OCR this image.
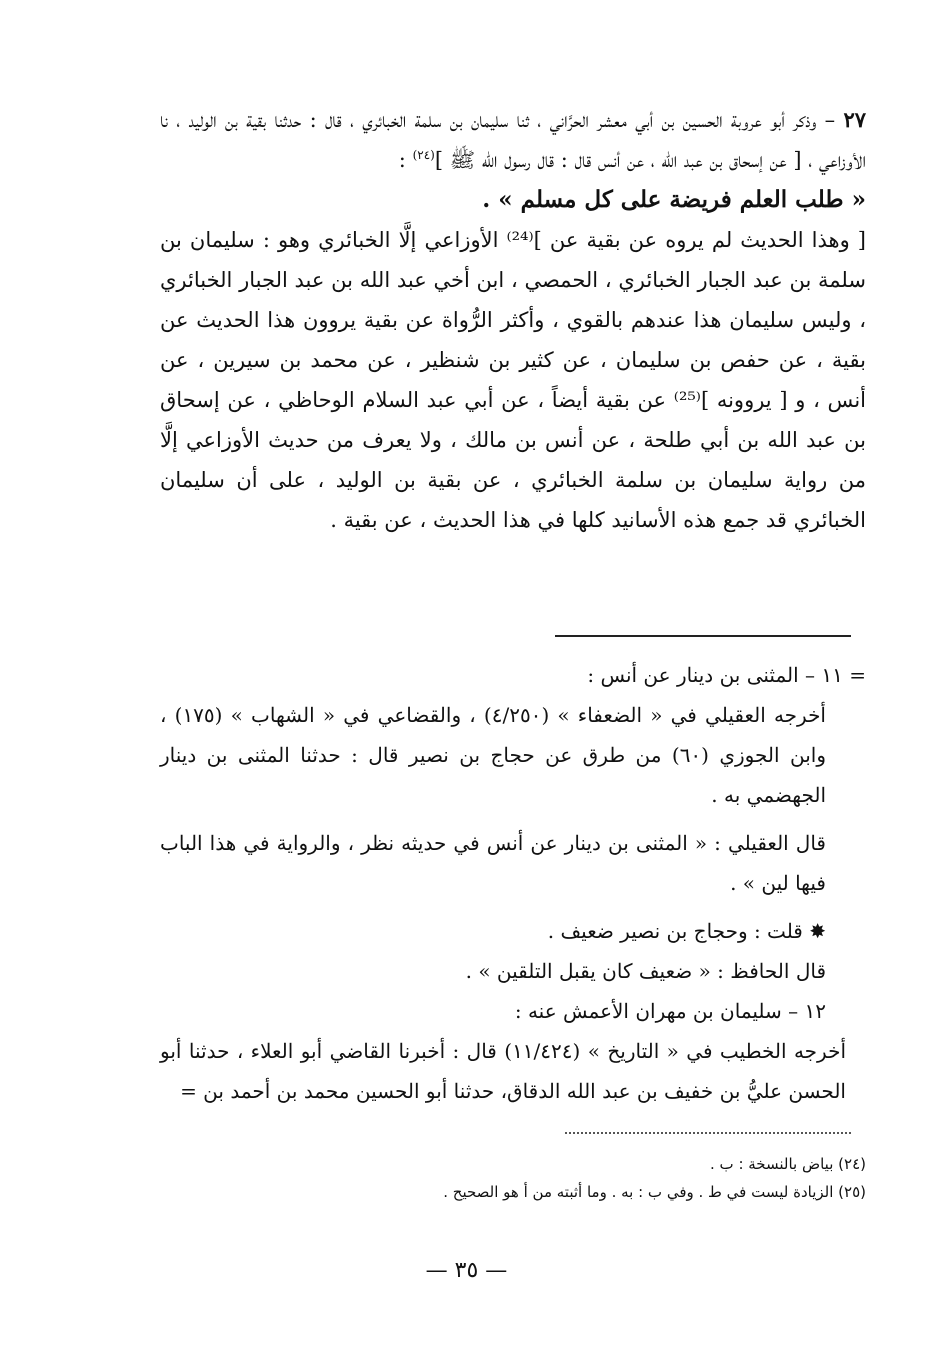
٢٧ – وذكر أبو عروبة الحسين بن أبي معشر الحرَّاني ، ثنا سليمان بن سلمة الخبائري ، قال : حدثنا بقية بن الوليد ، نا الأوزاعي ، [ عن إسحاق بن عبد الله ، عن أنس قال : قال رسول الله ﷺ ]$^{(٢٤)}$ :

« طلب العلم فريضة على كل مسلم » .

[ وهذا الحديث لم يروه عن بقية عن ]⁽²⁴⁾ الأوزاعي إلَّا الخبائري وهو : سليمان بن سلمة بن عبد الجبار الخبائري ، الحمصي ، ابن أخي عبد الله بن عبد الجبار الخبائري ، وليس سليمان هذا عندهم بالقوي ، وأكثر الرُّواة عن بقية يروون هذا الحديث عن بقية ، عن حفص بن سليمان ، عن كثير بن شنظير ، عن محمد بن سيرين ، عن أنس ، و [ يروونه ]⁽²⁵⁾ عن بقية أيضاً ، عن أبي عبد السلام الوحاظي ، عن إسحاق بن عبد الله بن أبي طلحة ، عن أنس بن مالك ، ولا يعرف من حديث الأوزاعي إلَّا من رواية سليمان بن سلمة الخبائري ، عن بقية بن الوليد ، على أن سليمان الخبائري قد جمع هذه الأسانيد كلها في هذا الحديث ، عن بقية .

= ١١ – المثنى بن دينار عن أنس :

أخرجه العقيلي في « الضعفاء » (٤/٢٥٠) ، والقضاعي في « الشهاب » (١٧٥) ، وابن الجوزي (٦٠) من طرق عن حجاج بن نصير قال : حدثنا المثنى بن دينار الجهضمي به .

قال العقيلي : « المثنى بن دينار عن أنس في حديثه نظر ، والرواية في هذا الباب فيها لين » .

✸ قلت : وحجاج بن نصير ضعيف .

قال الحافظ : « ضعيف كان يقبل التلقين » .

١٢ – سليمان بن مهران الأعمش عنه :

أخرجه الخطيب في « التاريخ » (١١/٤٢٤) قال : أخبرنا القاضي أبو العلاء ، حدثنا أبو الحسن عليُّ بن خفيف بن عبد الله الدقاق، حدثنا أبو الحسين محمد بن أحمد بن =

(٢٤) بياض بالنسخة : ب .

(٢٥) الزيادة ليست في ط . وفي ب : به . وما أثبته من أ هو الصحيح .

— ٣٥ —
